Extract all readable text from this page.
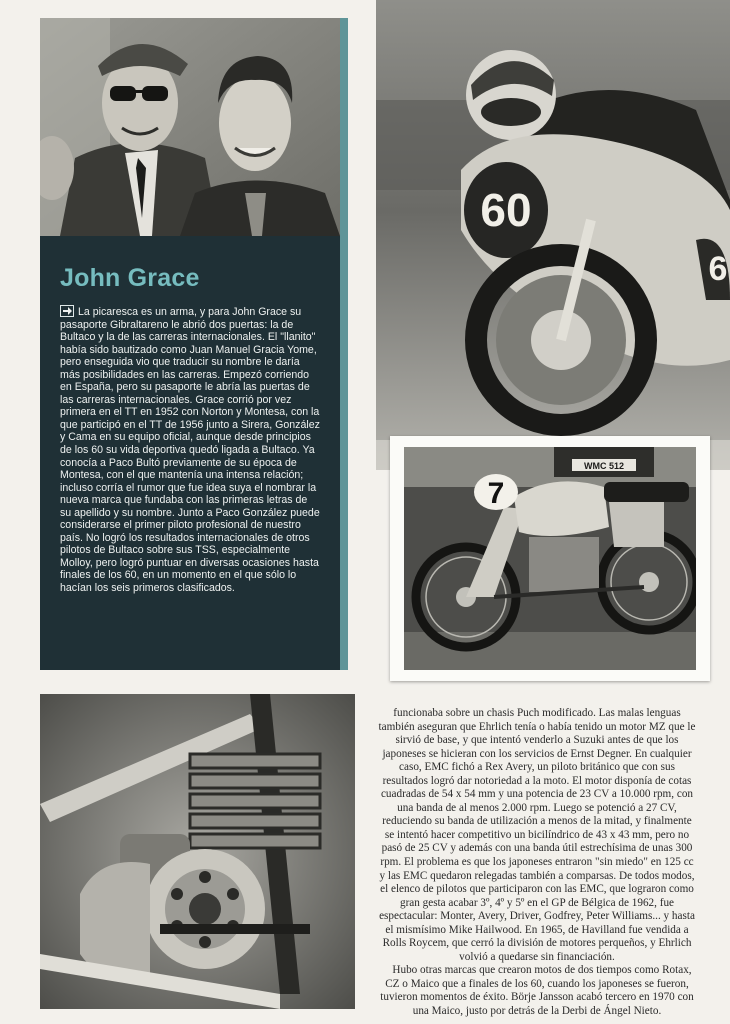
60
6
WMC 512
7
John Grace

La picaresca es un arma, y para John Grace su pasaporte Gibraltareno le abrió dos puertas: la de Bultaco y la de las carreras internacionales. El "llanito" había sido bautizado como Juan Manuel Gracia Yome, pero enseguida vio que traducir su nombre le daría más posibilidades en las carreras. Empezó corriendo en España, pero su pasaporte le abría las puertas de las carreras internacionales. Grace corrió por vez primera en el TT en 1952 con Norton y Montesa, con la que participó en el TT de 1956 junto a Sirera, González y Cama en su equipo oficial, aunque desde principios de los 60 su vida deportiva quedó ligada a Bultaco. Ya conocía a Paco Bultó previamente de su época de Montesa, con el que mantenía una intensa relación; incluso corría el rumor que fue idea suya el nombrar la nueva marca que fundaba con las primeras letras de su apellido y su nombre. Junto a Paco González puede considerarse el primer piloto profesional de nuestro país. No logró los resultados internacionales de otros pilotos de Bultaco sobre sus TSS, especialmente Molloy, pero logró puntuar en diversas ocasiones hasta finales de los 60, en un momento en el que sólo lo hacían los seis primeros clasificados.

funcionaba sobre un chasis Puch modificado. Las malas lenguas también aseguran que Ehrlich tenía o había tenido un motor MZ que le sirvió de base, y que intentó venderlo a Suzuki antes de que los japoneses se hicieran con los servicios de Ernst Degner. En cualquier caso, EMC fichó a Rex Avery, un piloto británico que con sus resultados logró dar notoriedad a la moto. El motor disponía de cotas cuadradas de 54 x 54 mm y una potencia de 23 CV a 10.000 rpm, con una banda de al menos 2.000 rpm. Luego se potenció a 27 CV, reduciendo su banda de utilización a menos de la mitad, y finalmente se intentó hacer competitivo un bicilíndrico de 43 x 43 mm, pero no pasó de 25 CV y además con una banda útil estrechísima de unas 300 rpm. El problema es que los japoneses entraron "sin miedo" en 125 cc y las EMC quedaron relegadas también a comparsas. De todos modos, el elenco de pilotos que participaron con las EMC, que lograron como gran gesta acabar 3º, 4º y 5º en el GP de Bélgica de 1962, fue espectacular: Monter, Avery, Driver, Godfrey, Peter Williams... y hasta el mismísimo Mike Hailwood. En 1965, de Havilland fue vendida a Rolls Roycem, que cerró la división de motores perqueños, y Ehrlich volvió a quedarse sin financiación.

Hubo otras marcas que crearon motos de dos tiempos como Rotax, CZ o Maico que a finales de los 60, cuando los japoneses se fueron, tuvieron momentos de éxito. Börje Jansson acabó tercero en 1970 con una Maico, justo por detrás de la Derbi de Ángel Nieto.
